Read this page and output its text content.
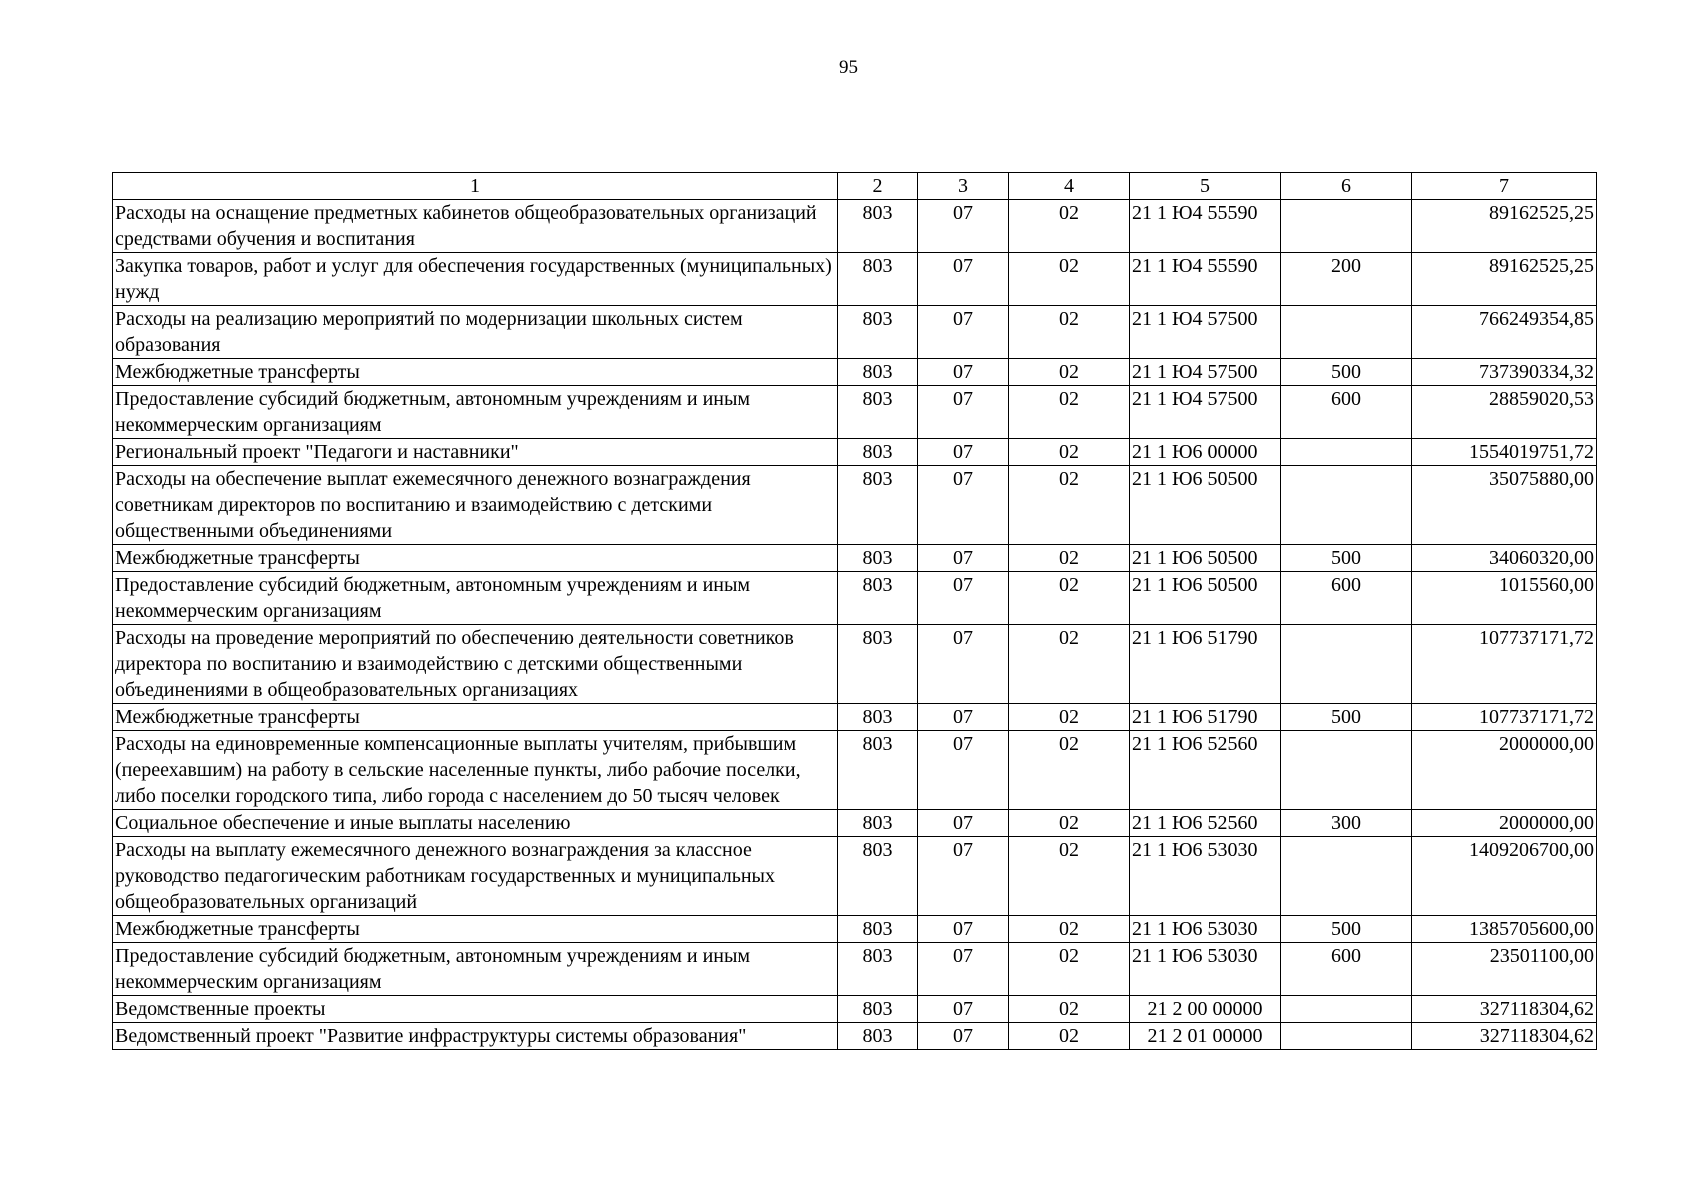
95
1	2	3	4	5	6	7
Расходы на оснащение предметных кабинетов общеобразовательных организаций средствами обучения и воспитания	803	07	02	21 1 Ю4 55590		89162525,25
Закупка товаров, работ и услуг для обеспечения государственных (муниципальных) нужд	803	07	02	21 1 Ю4 55590	200	89162525,25
Расходы на реализацию мероприятий по модернизации школьных систем образования	803	07	02	21 1 Ю4 57500		766249354,85
Межбюджетные трансферты	803	07	02	21 1 Ю4 57500	500	737390334,32
Предоставление субсидий бюджетным, автономным учреждениям и иным некоммерческим организациям	803	07	02	21 1 Ю4 57500	600	28859020,53
Региональный проект "Педагоги и наставники"	803	07	02	21 1 Ю6 00000		1554019751,72
Расходы на обеспечение выплат ежемесячного денежного вознаграждения советникам директоров по воспитанию и взаимодействию с детскими общественными объединениями	803	07	02	21 1 Ю6 50500		35075880,00
Межбюджетные трансферты	803	07	02	21 1 Ю6 50500	500	34060320,00
Предоставление субсидий бюджетным, автономным учреждениям и иным некоммерческим организациям	803	07	02	21 1 Ю6 50500	600	1015560,00
Расходы на проведение мероприятий по обеспечению деятельности советников директора по воспитанию и взаимодействию с детскими общественными объединениями в общеобразовательных организациях	803	07	02	21 1 Ю6 51790		107737171,72
Межбюджетные трансферты	803	07	02	21 1 Ю6 51790	500	107737171,72
Расходы на единовременные компенсационные выплаты учителям, прибывшим (переехавшим) на работу в сельские населенные пункты, либо рабочие поселки, либо поселки городского типа, либо города с населением до 50 тысяч человек	803	07	02	21 1 Ю6 52560		2000000,00
Социальное обеспечение и иные выплаты населению	803	07	02	21 1 Ю6 52560	300	2000000,00
Расходы на выплату ежемесячного денежного вознаграждения за классное руководство педагогическим работникам государственных и муниципальных общеобразовательных организаций	803	07	02	21 1 Ю6 53030		1409206700,00
Межбюджетные трансферты	803	07	02	21 1 Ю6 53030	500	1385705600,00
Предоставление субсидий бюджетным, автономным учреждениям и иным некоммерческим организациям	803	07	02	21 1 Ю6 53030	600	23501100,00
Ведомственные проекты	803	07	02	21 2 00 00000		327118304,62
Ведомственный проект "Развитие инфраструктуры системы образования"	803	07	02	21 2 01 00000		327118304,62
